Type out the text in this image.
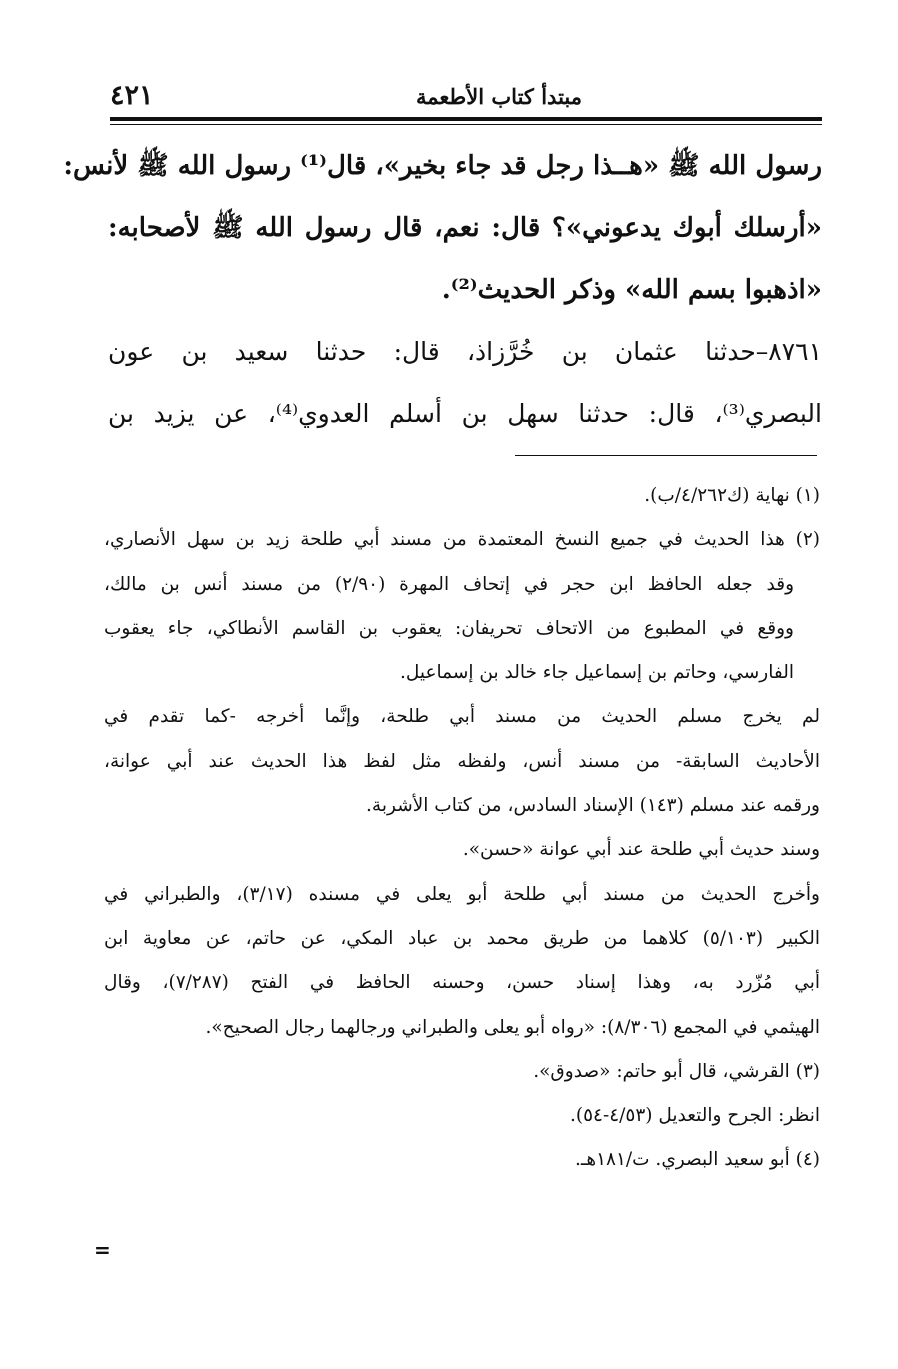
مبتدأ كتاب الأطعمة
٤٢١
رسول الله ﷺ «هــذا رجل قد جاء بخير»، قال⁽¹⁾ رسول الله ﷺ لأنس:
«أرسلك أبوك يدعوني»؟ قال: نعم، قال رسول الله ﷺ لأصحابه:
«اذهبوا بسم الله» وذكر الحديث⁽²⁾.
٨٧٦١–حدثنا عثمان بن خُرَّزاذ، قال: حدثنا سعيد بن عون
البصري⁽³⁾، قال: حدثنا سهل بن أسلم العدوي⁽⁴⁾، عن يزيد بن
(١) نهاية (ك٤/٢٦٢/ب).
(٢) هذا الحديث في جميع النسخ المعتمدة من مسند أبي طلحة زيد بن سهل الأنصاري،
وقد جعله الحافظ ابن حجر في إتحاف المهرة (٢/٩٠) من مسند أنس بن مالك،
ووقع في المطبوع من الاتحاف تحريفان: يعقوب بن القاسم الأنطاكي، جاء يعقوب
الفارسي، وحاتم بن إسماعيل جاء خالد بن إسماعيل.
لم يخرج مسلم الحديث من مسند أبي طلحة، وإنَّما أخرجه -كما تقدم في
الأحاديث السابقة- من مسند أنس، ولفظه مثل لفظ هذا الحديث عند أبي عوانة،
ورقمه عند مسلم (١٤٣) الإسناد السادس، من كتاب الأشربة.
وسند حديث أبي طلحة عند أبي عوانة «حسن».
وأخرج الحديث من مسند أبي طلحة أبو يعلى في مسنده (٣/١٧)، والطبراني في
الكبير (٥/١٠٣) كلاهما من طريق محمد بن عباد المكي، عن حاتم، عن معاوية ابن
أبي مُزّرد به، وهذا إسناد حسن، وحسنه الحافظ في الفتح (٧/٢٨٧)، وقال
الهيثمي في المجمع (٨/٣٠٦): «رواه أبو يعلى والطبراني ورجالهما رجال الصحيح».
(٣) القرشي، قال أبو حاتم: «صدوق».
انظر: الجرح والتعديل (٤/٥٣-٥٤).
(٤) أبو سعيد البصري. ت/١٨١هـ.
=
